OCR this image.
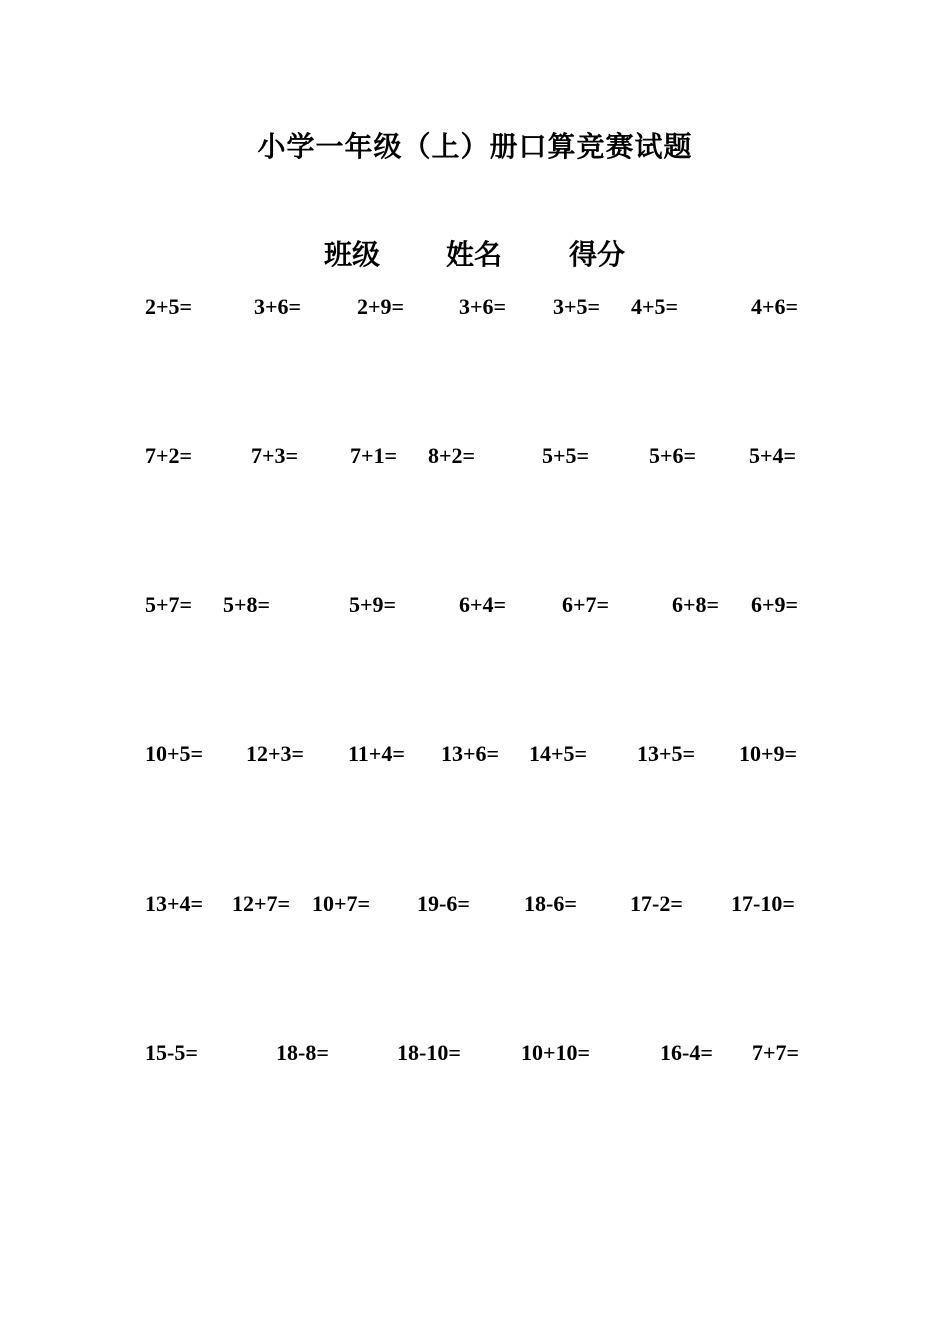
小学一年级（上）册口算竞赛试题
班级 姓名 得分
2+5=	3+6=	2+9= 3+6= 3+5= 4+5=	4+6=
7+2=	7+3= 7+1= 8+2=	5+5=	5+6= 5+4=
5+7= 5+8=	5+9=	6+4=	6+7=	6+8= 6+9=
10+5= 12+3= 11+4= 13+6= 14+5= 13+5= 10+9=
13+4= 12+7= 10+7= 19-6= 18-6= 17-2= 17-10=
15-5=	18-8=	18-10=	10+10=	16-4= 7+7=
